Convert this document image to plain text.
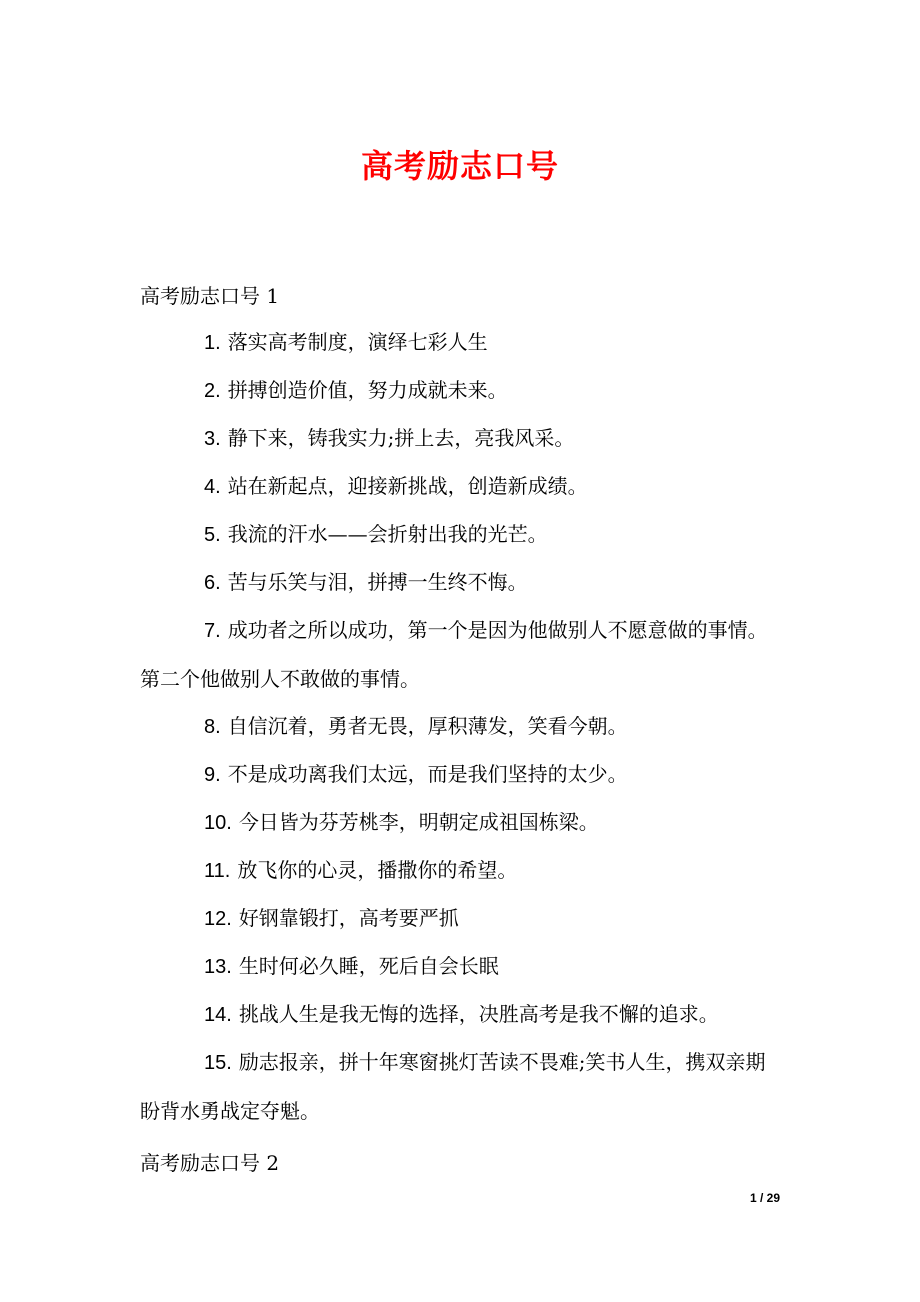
高考励志口号
高考励志口号 1

1. 落实高考制度，演绎七彩人生

2. 拼搏创造价值，努力成就未来。

3. 静下来，铸我实力;拼上去，亮我风采。

4. 站在新起点，迎接新挑战，创造新成绩。

5. 我流的汗水——会折射出我的光芒。

6. 苦与乐笑与泪，拼搏一生终不悔。

7. 成功者之所以成功，第一个是因为他做别人不愿意做的事情。第二个他做别人不敢做的事情。

8. 自信沉着，勇者无畏，厚积薄发，笑看今朝。

9. 不是成功离我们太远，而是我们坚持的太少。

10. 今日皆为芬芳桃李，明朝定成祖国栋梁。

11. 放飞你的心灵，播撒你的希望。

12. 好钢靠锻打，高考要严抓

13. 生时何必久睡，死后自会长眠

14. 挑战人生是我无悔的选择，决胜高考是我不懈的追求。

15. 励志报亲，拼十年寒窗挑灯苦读不畏难;笑书人生，携双亲期盼背水勇战定夺魁。

高考励志口号 2
1 / 29
